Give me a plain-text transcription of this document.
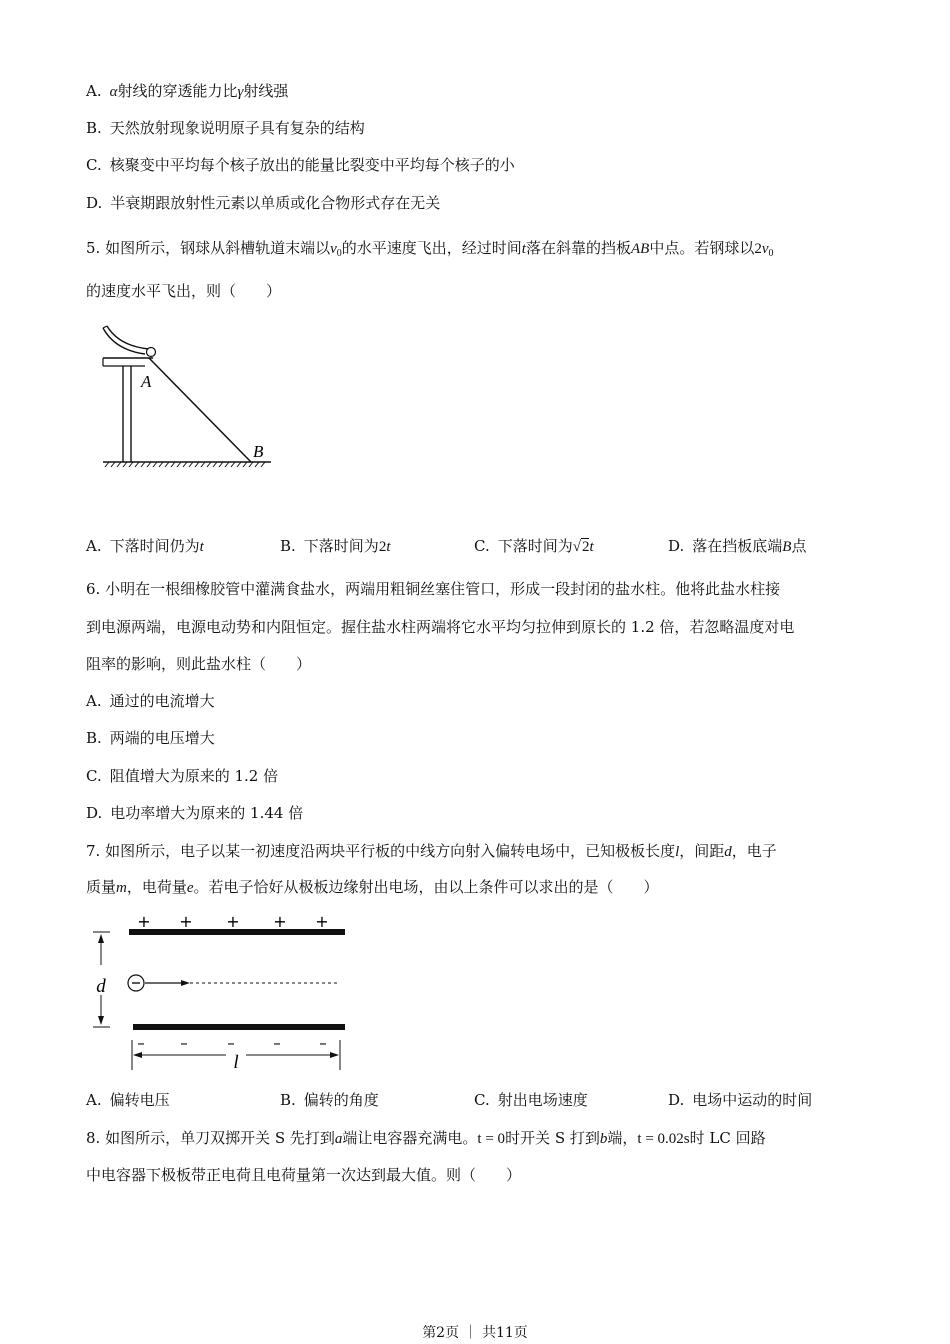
A. α射线的穿透能力比γ射线强
B. 天然放射现象说明原子具有复杂的结构
C. 核聚变中平均每个核子放出的能量比裂变中平均每个核子的小
D. 半衰期跟放射性元素以单质或化合物形式存在无关
5. 如图所示，钢球从斜槽轨道末端以$v_0$的水平速度飞出，经过时间t落在斜靠的挡板AB中点。若钢球以$2v_0$
的速度水平飞出，则（　　）
A
B
A. 下落时间仍为t	B. 下落时间为2t	C. 下落时间为√2t	D. 落在挡板底端B点
6. 小明在一根细橡胶管中灌满食盐水，两端用粗铜丝塞住管口，形成一段封闭的盐水柱。他将此盐水柱接
到电源两端，电源电动势和内阻恒定。握住盐水柱两端将它水平均匀拉伸到原长的 1.2 倍，若忽略温度对电
阻率的影响，则此盐水柱（　　）
A. 通过的电流增大
B. 两端的电压增大
C. 阻值增大为原来的 1.2 倍
D. 电功率增大为原来的 1.44 倍
7. 如图所示，电子以某一初速度沿两块平行板的中线方向射入偏转电场中，已知极板长度l，间距d，电子
质量m，电荷量e。若电子恰好从极板边缘射出电场，由以上条件可以求出的是（　　）
+ + + + +
– –	–	–	–
d
l
A. 偏转电压	B. 偏转的角度	C. 射出电场速度	D. 电场中运动的时间
8. 如图所示，单刀双掷开关 S 先打到a端让电容器充满电。t = 0时开关 S 打到b端，t = 0.02s时 LC 回路
中电容器下极板带正电荷且电荷量第一次达到最大值。则（　　）
第2页 ｜ 共11页
